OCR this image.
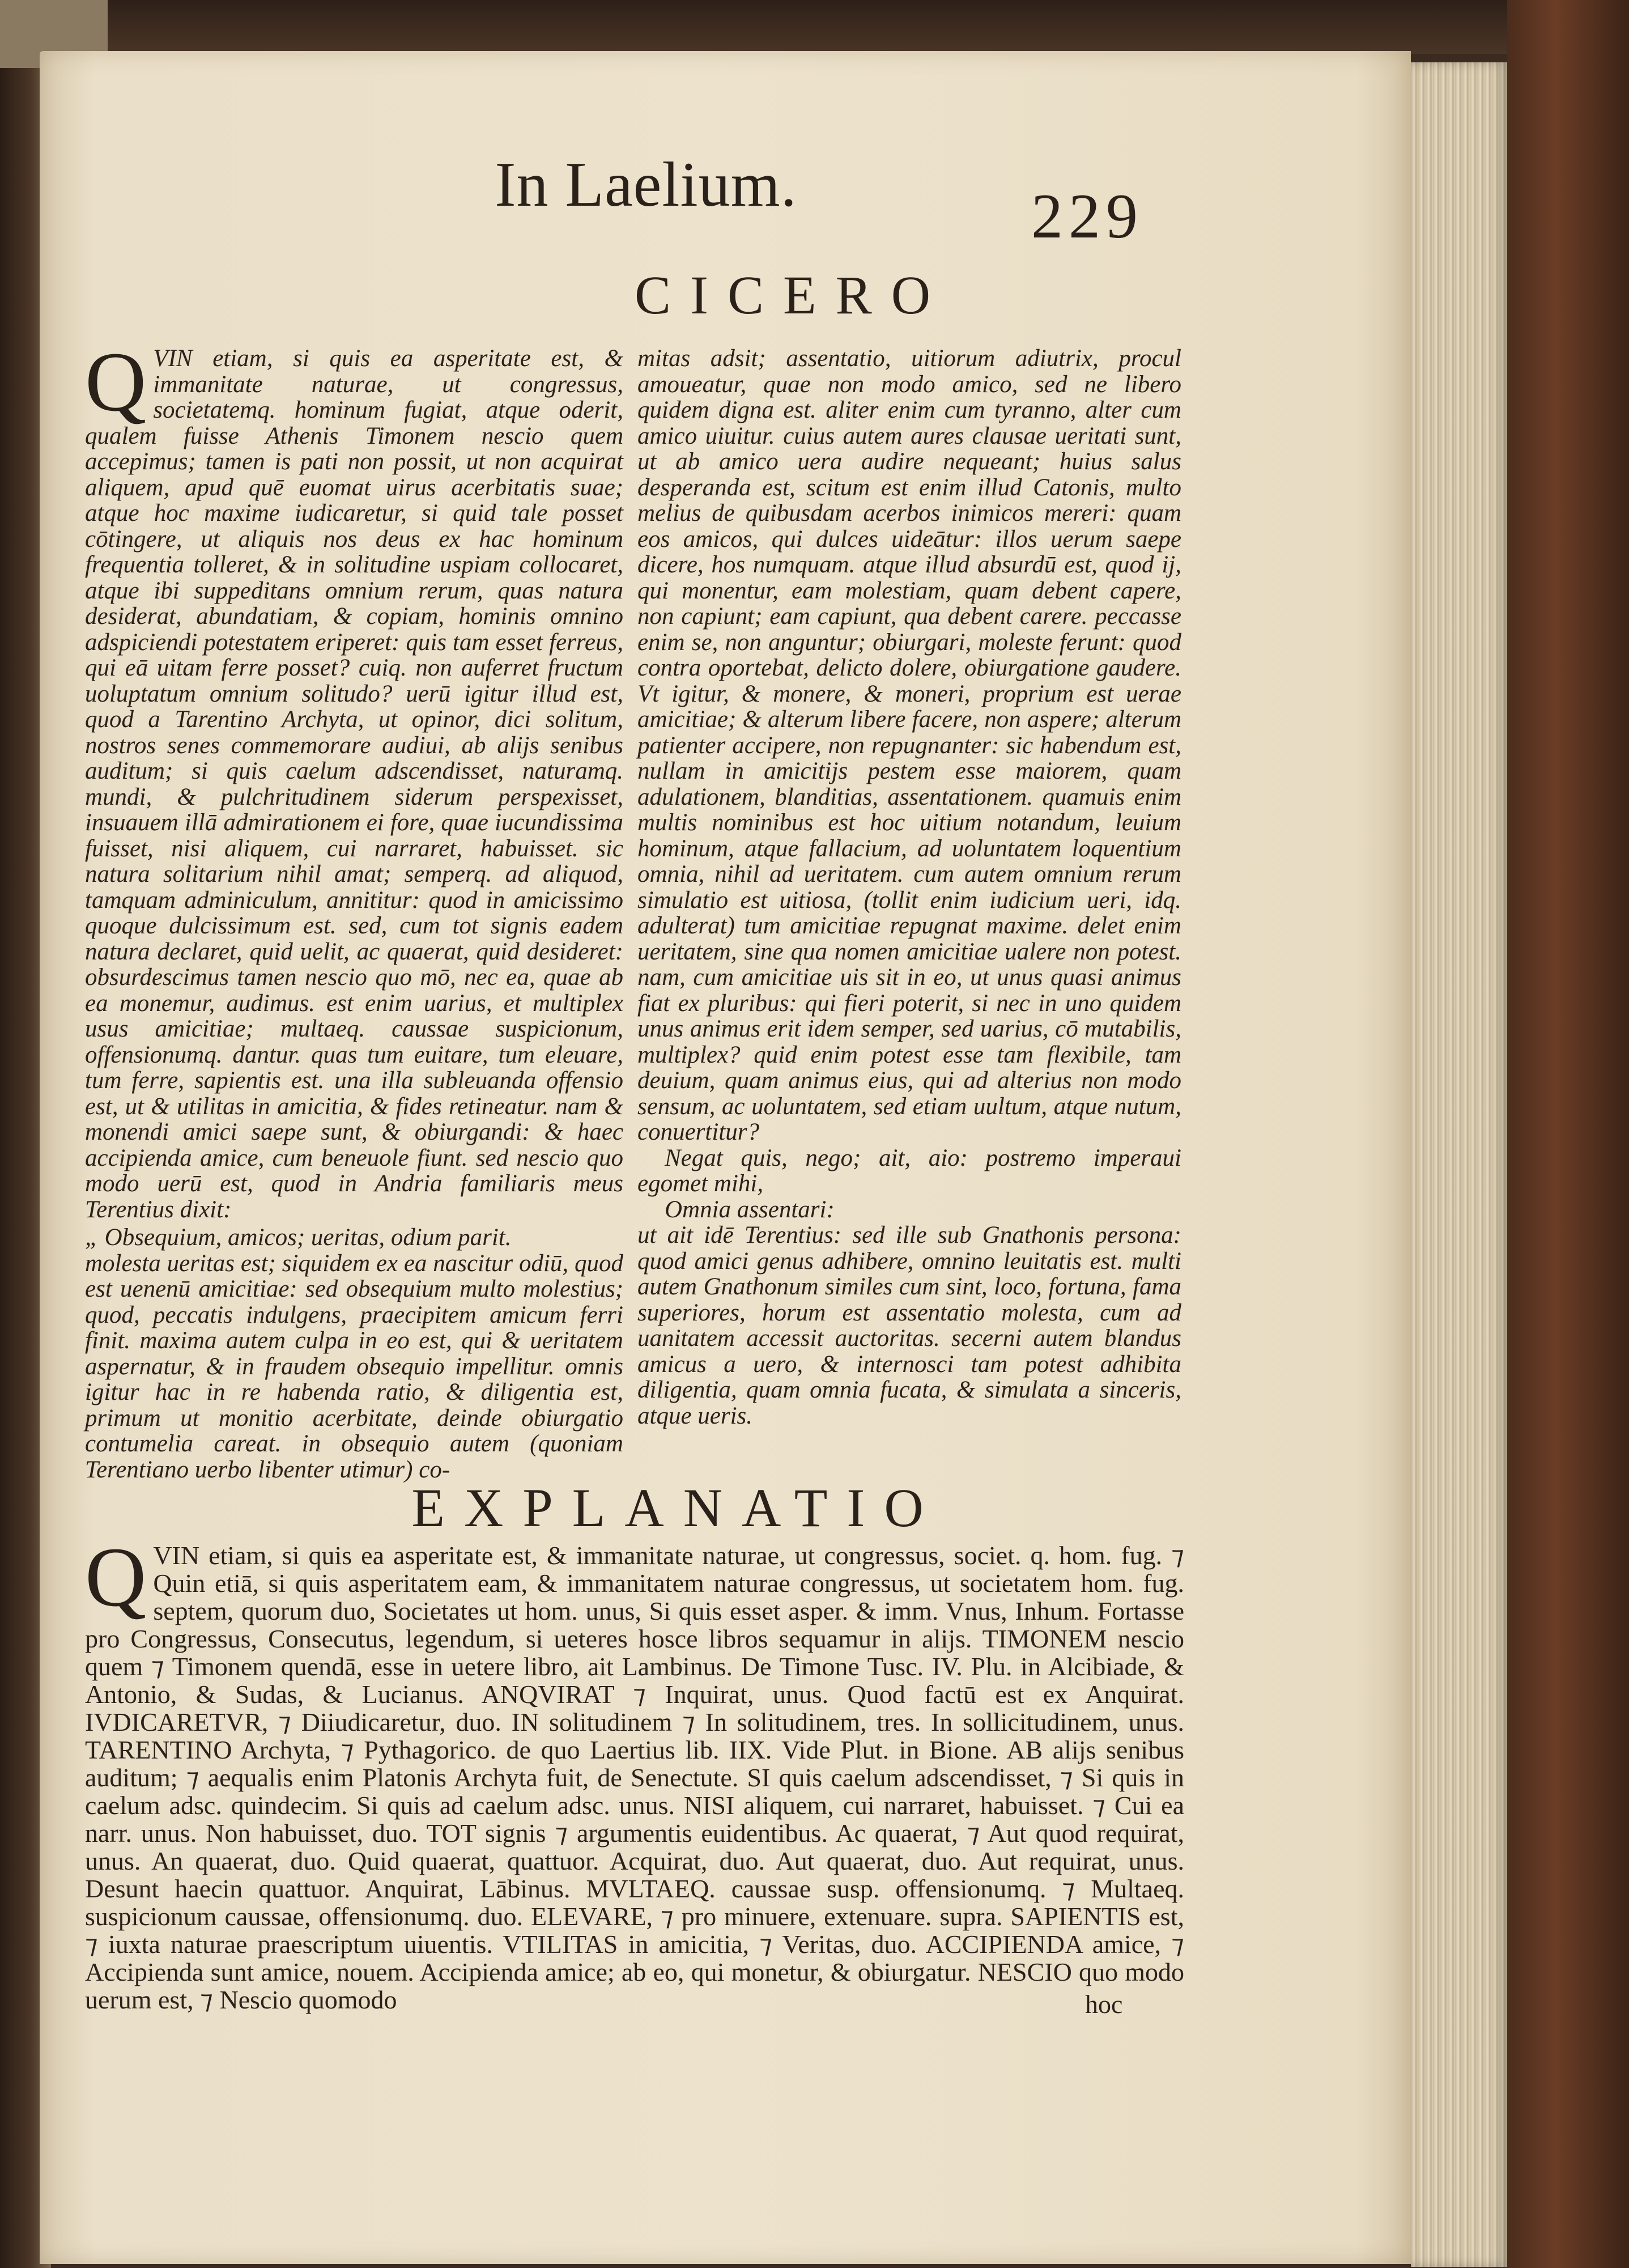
In Laelium.	229
CICERO

Q VIN etiam, si quis ea asperitate est, & immanitate naturae, ut congressus, societatemq. hominum fugiat, atque oderit, qualem fuisse Athenis Timonem nescio quem accepimus; tamen is pati non possit, ut non acquirat aliquem, apud quē euomat uirus acerbitatis suae; atque hoc maxime iudicaretur, si quid tale posset cōtingere, ut aliquis nos deus ex hac hominum frequentia tolleret, & in solitudine uspiam collocaret, atque ibi suppeditans omnium rerum, quas natura desiderat, abundatiam, & copiam, hominis omnino adspiciendi potestatem eriperet: quis tam esset ferreus, qui eā uitam ferre posset? cuiq. non auferret fructum uoluptatum omnium solitudo? uerū igitur illud est, quod a Tarentino Archyta, ut opinor, dici solitum, nostros senes commemorare audiui, ab alijs senibus auditum; si quis caelum adscendisset, naturamq. mundi, & pulchritudinem siderum perspexisset, insuauem illā admirationem ei fore, quae iucundissima fuisset, nisi aliquem, cui narraret, habuisset. sic natura solitarium nihil amat; semperq. ad aliquod, tamquam adminiculum, annititur: quod in amicissimo quoque dulcissimum est. sed, cum tot signis eadem natura declaret, quid uelit, ac quaerat, quid desideret: obsurdescimus tamen nescio quo mō, nec ea, quae ab ea monemur, audimus. est enim uarius, et multiplex usus amicitiae; multaeq. caussae suspicionum, offensionumq. dantur. quas tum euitare, tum eleuare, tum ferre, sapientis est. una illa subleuanda offensio est, ut & utilitas in amicitia, & fides retineatur. nam & monendi amici saepe sunt, & obiurgandi: & haec accipienda amice, cum beneuole fiunt. sed nescio quo modo uerū est, quod in Andria familiaris meus Terentius dixit:

„ Obsequium, amicos; ueritas, odium parit.

molesta ueritas est; siquidem ex ea nascitur odiū, quod est uenenū amicitiae: sed obsequium multo molestius; quod, peccatis indulgens, praecipitem amicum ferri finit. maxima autem culpa in eo est, qui & ueritatem aspernatur, & in fraudem obsequio impellitur. omnis igitur hac in re habenda ratio, & diligentia est, primum ut monitio acerbitate, deinde obiurgatio contumelia careat. in obsequio autem (quoniam Terentiano uerbo libenter utimur) co-

mitas adsit; assentatio, uitiorum adiutrix, procul amoueatur, quae non modo amico, sed ne libero quidem digna est. aliter enim cum tyranno, alter cum amico uiuitur. cuius autem aures clausae ueritati sunt, ut ab amico uera audire nequeant; huius salus desperanda est, scitum est enim illud Catonis, multo melius de quibusdam acerbos inimicos mereri: quam eos amicos, qui dulces uideātur: illos uerum saepe dicere, hos numquam. atque illud absurdū est, quod ij, qui monentur, eam molestiam, quam debent capere, non capiunt; eam capiunt, qua debent carere. peccasse enim se, non anguntur; obiurgari, moleste ferunt: quod contra oportebat, delicto dolere, obiurgatione gaudere. Vt igitur, & monere, & moneri, proprium est uerae amicitiae; & alterum libere facere, non aspere; alterum patienter accipere, non repugnanter: sic habendum est, nullam in amicitijs pestem esse maiorem, quam adulationem, blanditias, assentationem. quamuis enim multis nominibus est hoc uitium notandum, leuium hominum, atque fallacium, ad uoluntatem loquentium omnia, nihil ad ueritatem. cum autem omnium rerum simulatio est uitiosa, (tollit enim iudicium ueri, idq. adulterat) tum amicitiae repugnat maxime. delet enim ueritatem, sine qua nomen amicitiae ualere non potest. nam, cum amicitiae uis sit in eo, ut unus quasi animus fiat ex pluribus: qui fieri poterit, si nec in uno quidem unus animus erit idem semper, sed uarius, cō mutabilis, multiplex? quid enim potest esse tam flexibile, tam deuium, quam animus eius, qui ad alterius non modo sensum, ac uoluntatem, sed etiam uultum, atque nutum, conuertitur?

Negat quis, nego; ait, aio: postremo imperaui egomet mihi,

Omnia assentari:

ut ait idē Terentius: sed ille sub Gnathonis persona: quod amici genus adhibere, omnino leuitatis est. multi autem Gnathonum similes cum sint, loco, fortuna, fama superiores, horum est assentatio molesta, cum ad uanitatem accessit auctoritas. secerni autem blandus amicus a uero, & internosci tam potest adhibita diligentia, quam omnia fucata, & simulata a sinceris, atque ueris.

EXPLANATIO

Q VIN etiam, si quis ea asperitate est, & immanitate naturae, ut congressus, societ. q. hom. fug. ⁊ Quin etiā, si quis asperitatem eam, & immanitatem naturae congressus, ut societatem hom. fug. septem, quorum duo, Societates ut hom. unus, Si quis esset asper. & imm. Vnus, Inhum. Fortasse pro Congressus, Consecutus, legendum, si ueteres hosce libros sequamur in alijs. TIMONEM nescio quem ⁊ Timonem quendā, esse in uetere libro, ait Lambinus. De Timone Tusc. IV. Plu. in Alcibiade, & Antonio, & Sudas, & Lucianus. ANQVIRAT ⁊ Inquirat, unus. Quod factū est ex Anquirat. IVDICARETVR, ⁊ Diiudicaretur, duo. IN solitudinem ⁊ In solitudinem, tres. In sollicitudinem, unus. TARENTINO Archyta, ⁊ Pythagorico. de quo Laertius lib. IIX. Vide Plut. in Bione. AB alijs senibus auditum; ⁊ aequalis enim Platonis Archyta fuit, de Senectute. SI quis caelum adscendisset, ⁊ Si quis in caelum adsc. quindecim. Si quis ad caelum adsc. unus. NISI aliquem, cui narraret, habuisset. ⁊ Cui ea narr. unus. Non habuisset, duo. TOT signis ⁊ argumentis euidentibus. Ac quaerat, ⁊ Aut quod requirat, unus. An quaerat, duo. Quid quaerat, quattuor. Acquirat, duo. Aut quaerat, duo. Aut requirat, unus. Desunt haecin quattuor. Anquirat, Lābinus. MVLTAEQ. caussae susp. offensionumq. ⁊ Multaeq. suspicionum caussae, offensionumq. duo. ELEVARE, ⁊ pro minuere, extenuare. supra. SAPIENTIS est, ⁊ iuxta naturae praescriptum uiuentis. VTILITAS in amicitia, ⁊ Veritas, duo. ACCIPIENDA amice, ⁊ Accipienda sunt amice, nouem. Accipienda amice; ab eo, qui monetur, & obiurgatur. NESCIO quo modo uerum est, ⁊ Nescio quomodo	hoc
